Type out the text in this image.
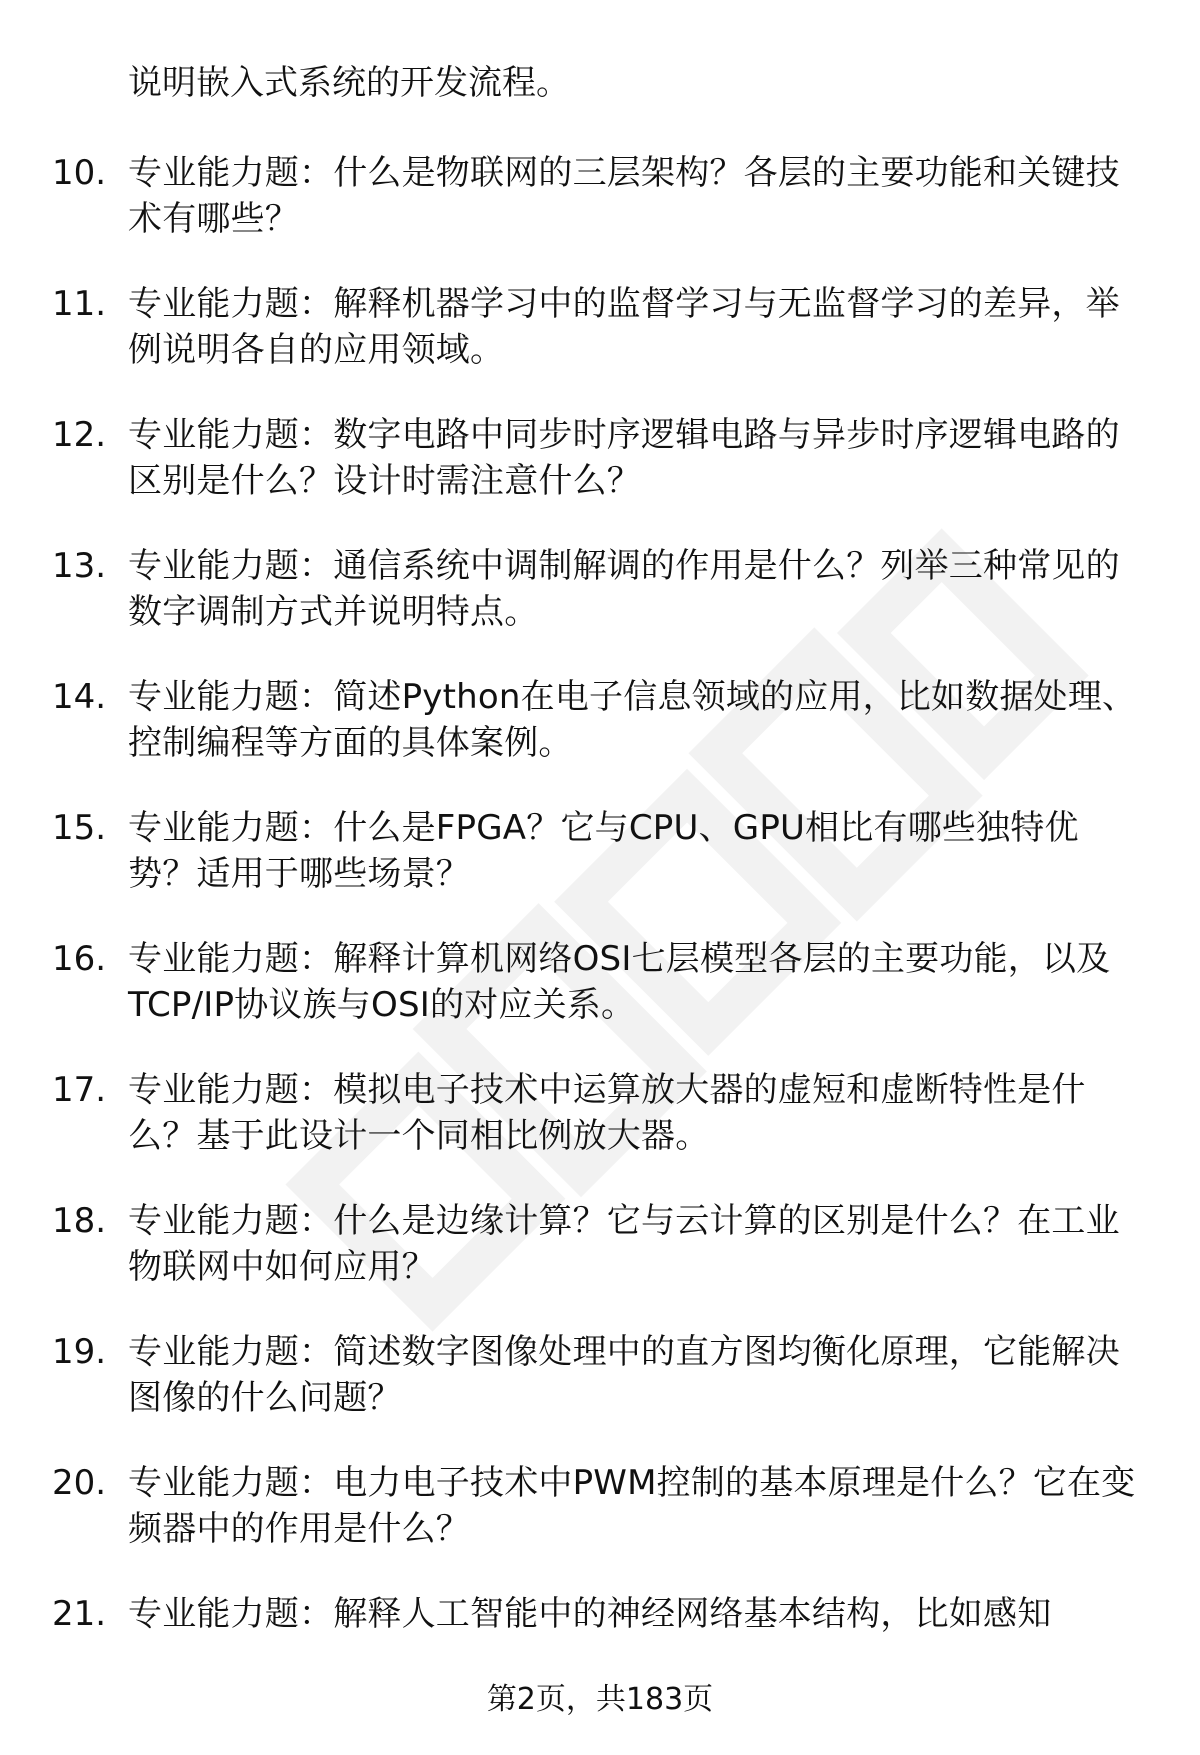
说明嵌入式系统的开发流程。
10. 专业能力题：什么是物联网的三层架构？各层的主要功能和关键技术有哪些？
11. 专业能力题：解释机器学习中的监督学习与无监督学习的差异，举例说明各自的应用领域。
12. 专业能力题：数字电路中同步时序逻辑电路与异步时序逻辑电路的区别是什么？设计时需注意什么？
13. 专业能力题：通信系统中调制解调的作用是什么？列举三种常见的数字调制方式并说明特点。
14. 专业能力题：简述Python在电子信息领域的应用，比如数据处理、控制编程等方面的具体案例。
15. 专业能力题：什么是FPGA？它与CPU、GPU相比有哪些独特优势？适用于哪些场景？
16. 专业能力题：解释计算机网络OSI七层模型各层的主要功能，以及TCP/IP协议族与OSI的对应关系。
17. 专业能力题：模拟电子技术中运算放大器的虚短和虚断特性是什么？基于此设计一个同相比例放大器。
18. 专业能力题：什么是边缘计算？它与云计算的区别是什么？在工业物联网中如何应用？
19. 专业能力题：简述数字图像处理中的直方图均衡化原理，它能解决图像的什么问题？
20. 专业能力题：电力电子技术中PWM控制的基本原理是什么？它在变频器中的作用是什么？
21. 专业能力题：解释人工智能中的神经网络基本结构，比如感知
第2页，共183页
